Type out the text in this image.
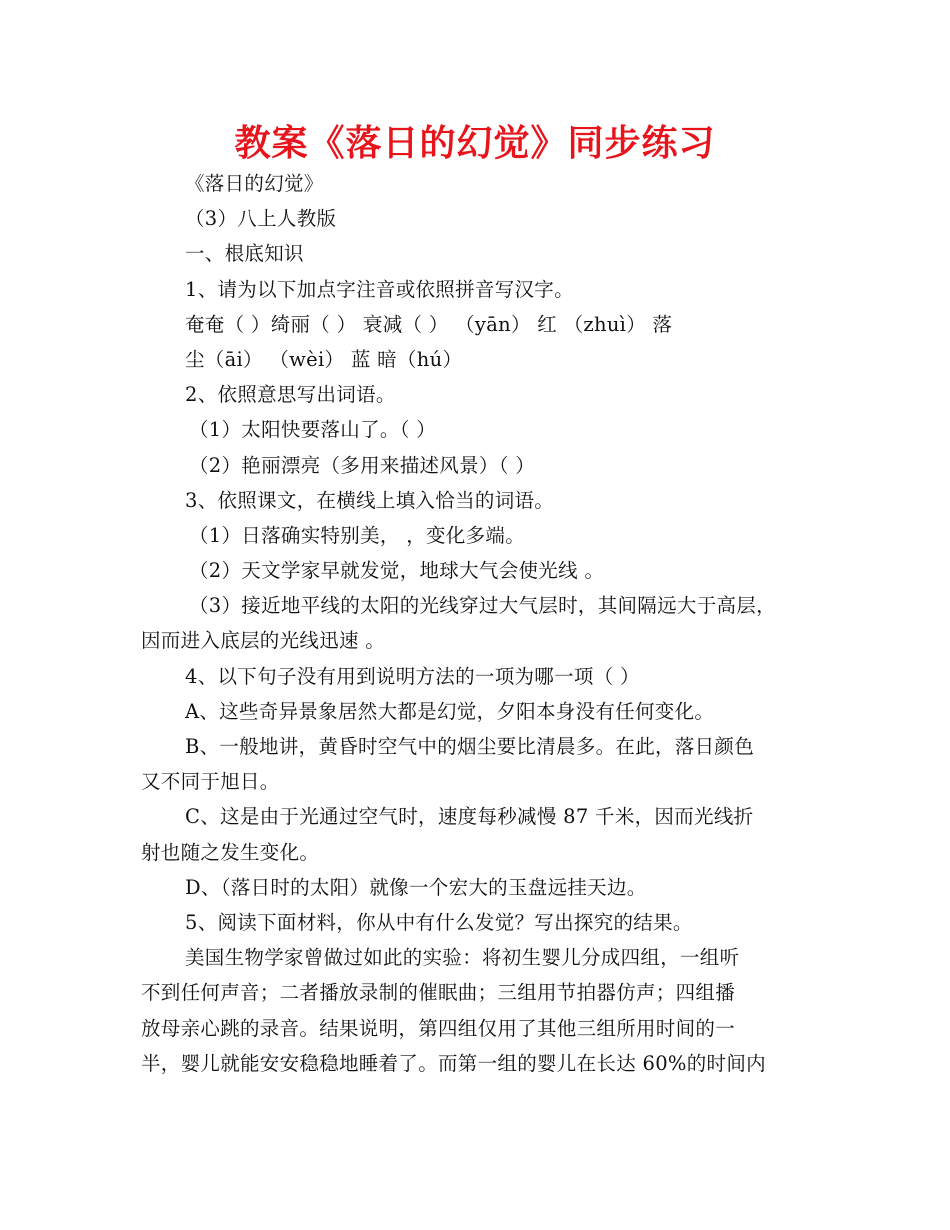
教案《落日的幻觉》同步练习
《落日的幻觉》
（3）八上人教版
一、根底知识
1、请为以下加点字注音或依照拼音写汉字。
奄奄（ ）绮丽（ ） 衰减（ ） （yān） 红 （zhuì） 落
尘（āi） （wèi） 蓝 暗（hú）
2、依照意思写出词语。
（1）太阳快要落山了。（ ）
（2）艳丽漂亮（多用来描述风景）（ ）
3、依照课文，在横线上填入恰当的词语。
（1）日落确实特别美， ，变化多端。
（2）天文学家早就发觉，地球大气会使光线 。
（3）接近地平线的太阳的光线穿过大气层时，其间隔远大于高层，
因而进入底层的光线迅速 。
4、以下句子没有用到说明方法的一项为哪一项（ ）
A、这些奇异景象居然大都是幻觉，夕阳本身没有任何变化。
B、一般地讲，黄昏时空气中的烟尘要比清晨多。在此，落日颜色
又不同于旭日。
C、这是由于光通过空气时，速度每秒减慢 87 千米，因而光线折
射也随之发生变化。
D、（落日时的太阳）就像一个宏大的玉盘远挂天边。
5、阅读下面材料，你从中有什么发觉？写出探究的结果。
美国生物学家曾做过如此的实验：将初生婴儿分成四组，一组听
不到任何声音；二者播放录制的催眠曲；三组用节拍器仿声；四组播
放母亲心跳的录音。结果说明，第四组仅用了其他三组所用时间的一
半，婴儿就能安安稳稳地睡着了。而第一组的婴儿在长达 60%的时间内
